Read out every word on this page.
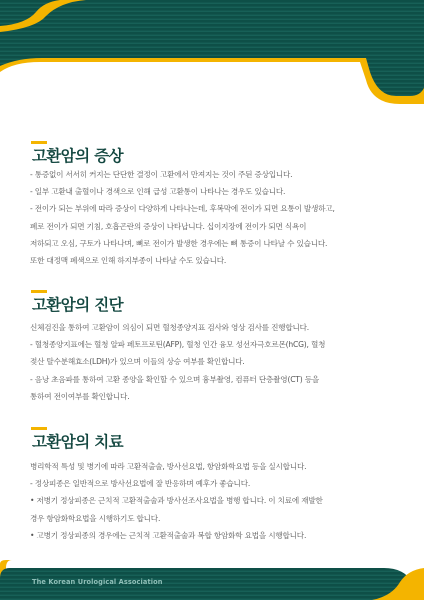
고환암의 증상
- 통증없이 서서히 커지는 단단한 결정이 고환에서 만져지는 것이 주된 증상입니다.
- 일부 고환내 출혈이나 경색으로 인해 급성 고환통이 나타나는 경우도 있습니다.
- 전이가 되는 부위에 따라 증상이 다양하게 나타나는데, 후복막에 전이가 되면 요통이 발생하고,
폐로 전이가 되면 기침, 호흡곤란의 증상이 나타납니다. 십이지장에 전이가 되면 식욕이
저하되고 오심, 구토가 나타나며, 뼈로 전이가 발생한 경우에는 뼈 통증이 나타날 수 있습니다.
또한 대정맥 폐색으로 인해 하지부종이 나타날 수도 있습니다.
고환암의 진단
신체검진을 통하여 고환암이 의심이 되면 혈청종양지표 검사와 영상 검사를 진행합니다.
- 혈청종양지표에는 혈청 알파 페토프로틴(AFP), 혈청 인간 융모 성선자극호르몬(hCG), 혈청
젖산 탈수분해효소(LDH)가 있으며 이들의 상승 여부를 확인합니다.
- 음낭 초음파를 통하여 고환 종양을 확인할 수 있으며 흉부촬영, 컴퓨터 단층촬영(CT) 등을
통하여 전이여부를 확인합니다.
고환암의 치료
병리학적 특성 및 병기에 따라 고환적출술, 방사선요법, 항암화학요법 등을 실시합니다.
- 정상피종은 일반적으로 방사선요법에 잘 반응하며 예후가 좋습니다.
• 저병기 정상피종은 근치적 고환적출술과 방사선조사요법을 병행 합니다. 이 치료에 재발한
경우 항암화학요법을 시행하기도 합니다.
• 고병기 정상피종의 경우에는 근치적 고환적출술과 복합 항암화학 요법을 시행합니다.
The Korean Urological Association
